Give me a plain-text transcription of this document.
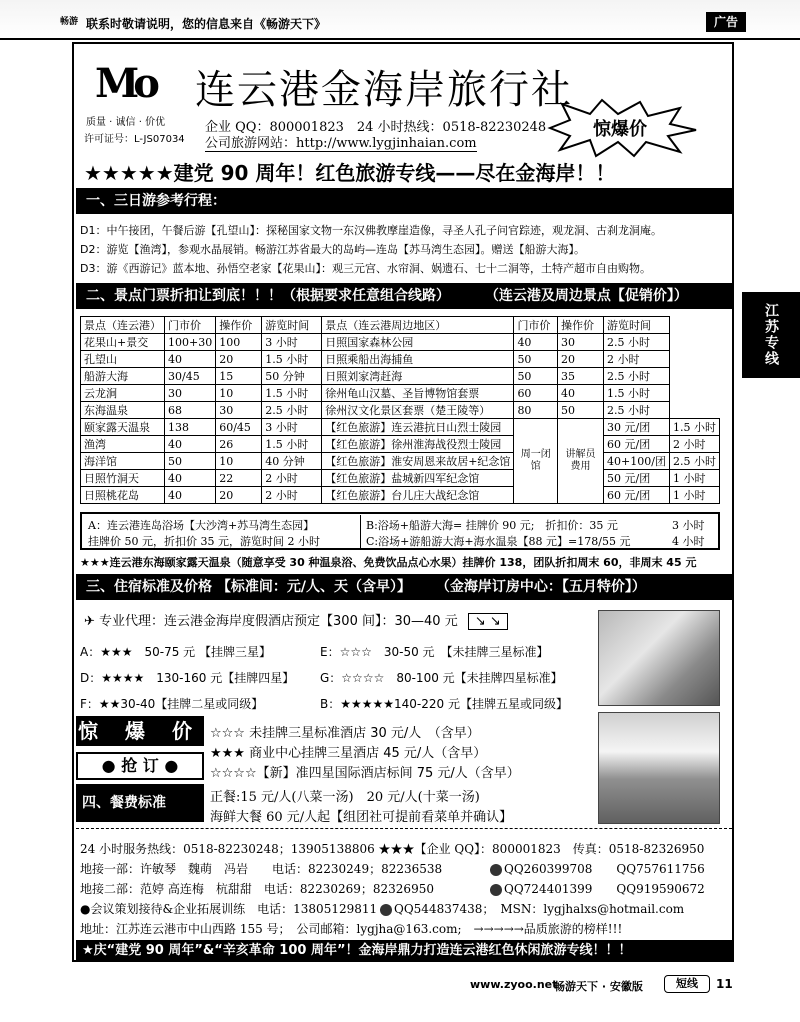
畅游 联系时敬请说明，您的信息来自《畅游天下》	广告
江苏专线
Mo
质量 · 诚信 · 价优
许可证号：L-JS07034
连云港金海岸旅行社
企业 QQ：800001823　24 小时热线：0518-82230248
公司旅游网站：http://www.lygjinhaian.com
惊爆价
★★★★★建党 90 周年！红色旅游专线——尽在金海岸！！
一、三日游参考行程：	【我社备有丰富精彩的红色线路，请来电垂询】
D1：中午接团，午餐后游【孔望山】：探秘国家文物一东汉佛教摩崖造像，寻圣人孔子问官踪迹，观龙洞、古刹龙洞庵。
D2：游览【渔湾】，参观水晶展销。畅游江苏省最大的岛屿—连岛【苏马湾生态园】。赠送【船游大海】。
D3：游《西游记》蓝本地、孙悟空老家【花果山】：观三元宫、水帘洞、娲遗石、七十二洞等，土特产超市自由购物。
二、景点门票折扣让到底！！！（根据要求任意组合线路） （连云港及周边景点【促销价】）
景点（连云港）	门市价	操作价	游览时间	景点（连云港周边地区）	门市价	操作价	游览时间	
花果山+景交	100+30	100	3 小时	日照国家森林公园	40	30	2.5 小时	
孔望山	40	20	1.5 小时	日照乘船出海捕鱼	50	20	2 小时	
船游大海	30/45	15	50 分钟	日照刘家湾赶海	50	35	2.5 小时	
云龙涧	30	10	1.5 小时	徐州龟山汉墓、圣旨博物馆套票	60	40	1.5 小时	
东海温泉	68	30	2.5 小时	徐州汉文化景区套票（楚王陵等）	80	50	2.5 小时	
颐家露天温泉	138	60/45	3 小时	【红色旅游】连云港抗日山烈士陵园	周一闭馆	讲解员费用	30 元/团	1.5 小时
渔湾	40	26	1.5 小时	【红色旅游】徐州淮海战役烈士陵园			60 元/团	2 小时
海洋馆	50	10	40 分钟	【红色旅游】淮安周恩来故居+纪念馆			40+100/团	2.5 小时
日照竹洞天	40	22	2 小时	【红色旅游】盐城新四军纪念馆			50 元/团	1 小时
日照桃花岛	40	20	2 小时	【红色旅游】台儿庄大战纪念馆			60 元/团	1 小时
A：连云港连岛浴场【大沙湾+苏马湾生态园】
挂牌价 50 元，折扣价 35 元，游览时间 2 小时
B:浴场+船游大海= 挂牌价 90 元;　折扣价：35 元	3 小时
C:浴场+游船游大海+海水温泉【88 元】=178/55 元	4 小时
★★★连云港东海颐家露天温泉（随意享受 30 种温泉浴、免费饮品点心水果）挂牌价 138，团队折扣周末 60，非周末 45 元
三、住宿标准及价格 【标准间：元/人、天（含早）】 （金海岸订房中心：【五月特价】）
✈ 专业代理：连云港金海岸度假酒店预定【300 间】：30—40 元 ↘ ↘
A：★★★　50-75 元 【挂牌三星】	E：☆☆☆　30-50 元　【未挂牌三星标准】
D：★★★★　130-160 元【挂牌四星】 G：☆☆☆☆　80-100 元【未挂牌四星标准】
F：★★30-40【挂牌二星或同级】	B：★★★★★140-220 元【挂牌五星或同级】
惊 爆 价
● 抢 订 ●
☆☆☆ 未挂牌三星标准酒店 30 元/人　（含早）
★★★ 商业中心挂牌三星酒店 45 元/人（含早）
☆☆☆☆【新】准四星国际酒店标间 75 元/人（含早）
四、餐费标准	正餐:15 元/人(八菜一汤)　20 元/人(十菜一汤)
海鲜大餐 60 元/人起【组团社可提前看菜单并确认】
24 小时服务热线：0518-82230248；13905138806 ★★★【企业 QQ】：800001823　传真：0518-82326950
地接一部：许敏琴　魏萌　冯岩　　电话：82230249；82236538	QQ260399708　　QQ757611756
地接二部：范婷 高连梅　杭甜甜　电话：82230269；82326950	QQ724401399　　QQ919590672
●会议策划接待&企业拓展训练　电话：13805129811	QQ544837438；　MSN：lygjhalxs@hotmail.com
地址：江苏连云港市中山西路 155 号；　公司邮箱：lygjha@163.com;　→→→→→品质旅游的榜样!!!
★庆“建党 90 周年”&“辛亥革命 100 周年”！金海岸鼎力打造连云港红色休闲旅游专线！！！
www.zyoo.net
畅游天下 · 安徽版	短线	11
